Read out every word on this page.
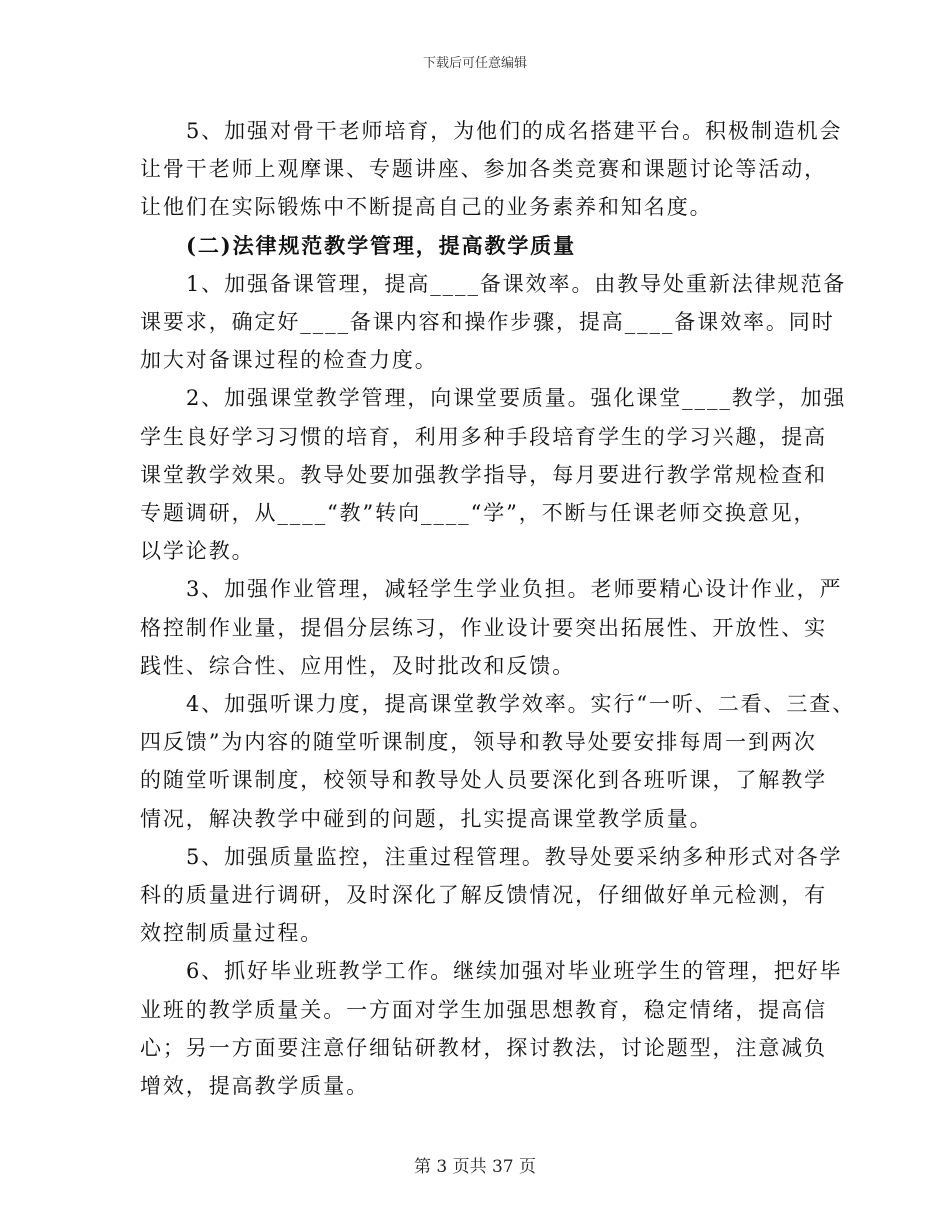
下载后可任意编辑
5、加强对骨干老师培育，为他们的成名搭建平台。积极制造机会
让骨干老师上观摩课、专题讲座、参加各类竞赛和课题讨论等活动，
让他们在实际锻炼中不断提高自己的业务素养和知名度。
(二)法律规范教学管理，提高教学质量
1、加强备课管理，提高____备课效率。由教导处重新法律规范备
课要求，确定好____备课内容和操作步骤，提高____备课效率。同时
加大对备课过程的检查力度。
2、加强课堂教学管理，向课堂要质量。强化课堂____教学，加强
学生良好学习习惯的培育，利用多种手段培育学生的学习兴趣，提高
课堂教学效果。教导处要加强教学指导，每月要进行教学常规检查和
专题调研，从____“教”转向____“学”，不断与任课老师交换意见，
以学论教。
3、加强作业管理，减轻学生学业负担。老师要精心设计作业，严
格控制作业量，提倡分层练习，作业设计要突出拓展性、开放性、实
践性、综合性、应用性，及时批改和反馈。
4、加强听课力度，提高课堂教学效率。实行“一听、二看、三查、
四反馈”为内容的随堂听课制度，领导和教导处要安排每周一到两次
的随堂听课制度，校领导和教导处人员要深化到各班听课，了解教学
情况，解决教学中碰到的问题，扎实提高课堂教学质量。
5、加强质量监控，注重过程管理。教导处要采纳多种形式对各学
科的质量进行调研，及时深化了解反馈情况，仔细做好单元检测，有
效控制质量过程。
6、抓好毕业班教学工作。继续加强对毕业班学生的管理，把好毕
业班的教学质量关。一方面对学生加强思想教育，稳定情绪，提高信
心；另一方面要注意仔细钻研教材，探讨教法，讨论题型，注意减负
增效，提高教学质量。
第 3 页共 37 页
